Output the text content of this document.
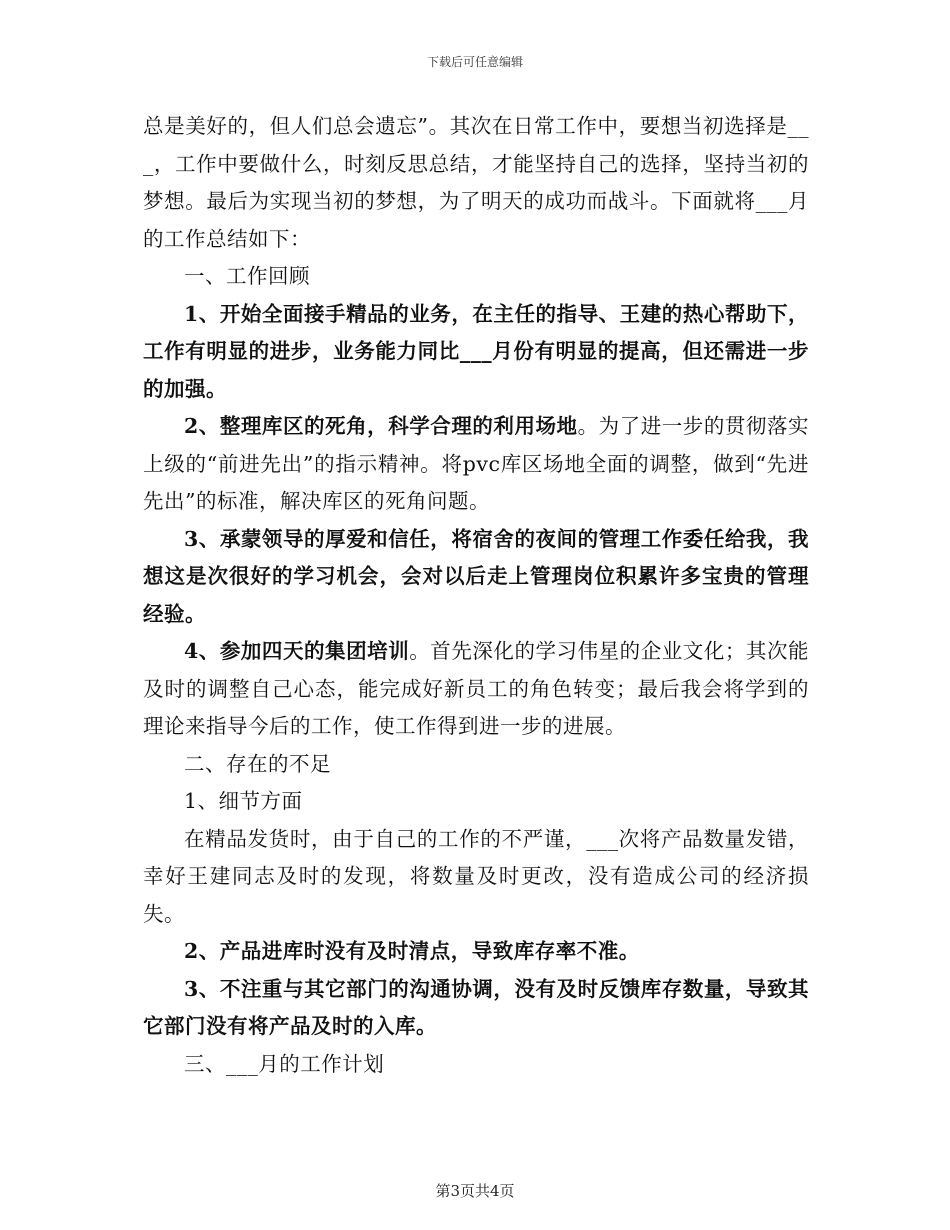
下载后可任意编辑

总是美好的，但人们总会遗忘”。其次在日常工作中，要想当初选择是___，工作中要做什么，时刻反思总结，才能坚持自己的选择，坚持当初的梦想。最后为实现当初的梦想，为了明天的成功而战斗。下面就将___月的工作总结如下：

一、工作回顾

1、开始全面接手精品的业务，在主任的指导、王建的热心帮助下，工作有明显的进步，业务能力同比___月份有明显的提高，但还需进一步的加强。

2、整理库区的死角，科学合理的利用场地。为了进一步的贯彻落实上级的“前进先出”的指示精神。将pvc库区场地全面的调整，做到“先进先出”的标准，解决库区的死角问题。

3、承蒙领导的厚爱和信任，将宿舍的夜间的管理工作委任给我，我想这是次很好的学习机会，会对以后走上管理岗位积累许多宝贵的管理经验。

4、参加四天的集团培训。首先深化的学习伟星的企业文化；其次能及时的调整自己心态，能完成好新员工的角色转变；最后我会将学到的理论来指导今后的工作，使工作得到进一步的进展。

二、存在的不足

1、细节方面

在精品发货时，由于自己的工作的不严谨，___次将产品数量发错，幸好王建同志及时的发现，将数量及时更改，没有造成公司的经济损失。

2、产品进库时没有及时清点，导致库存率不准。

3、不注重与其它部门的沟通协调，没有及时反馈库存数量，导致其它部门没有将产品及时的入库。

三、___月的工作计划

第3页共4页
